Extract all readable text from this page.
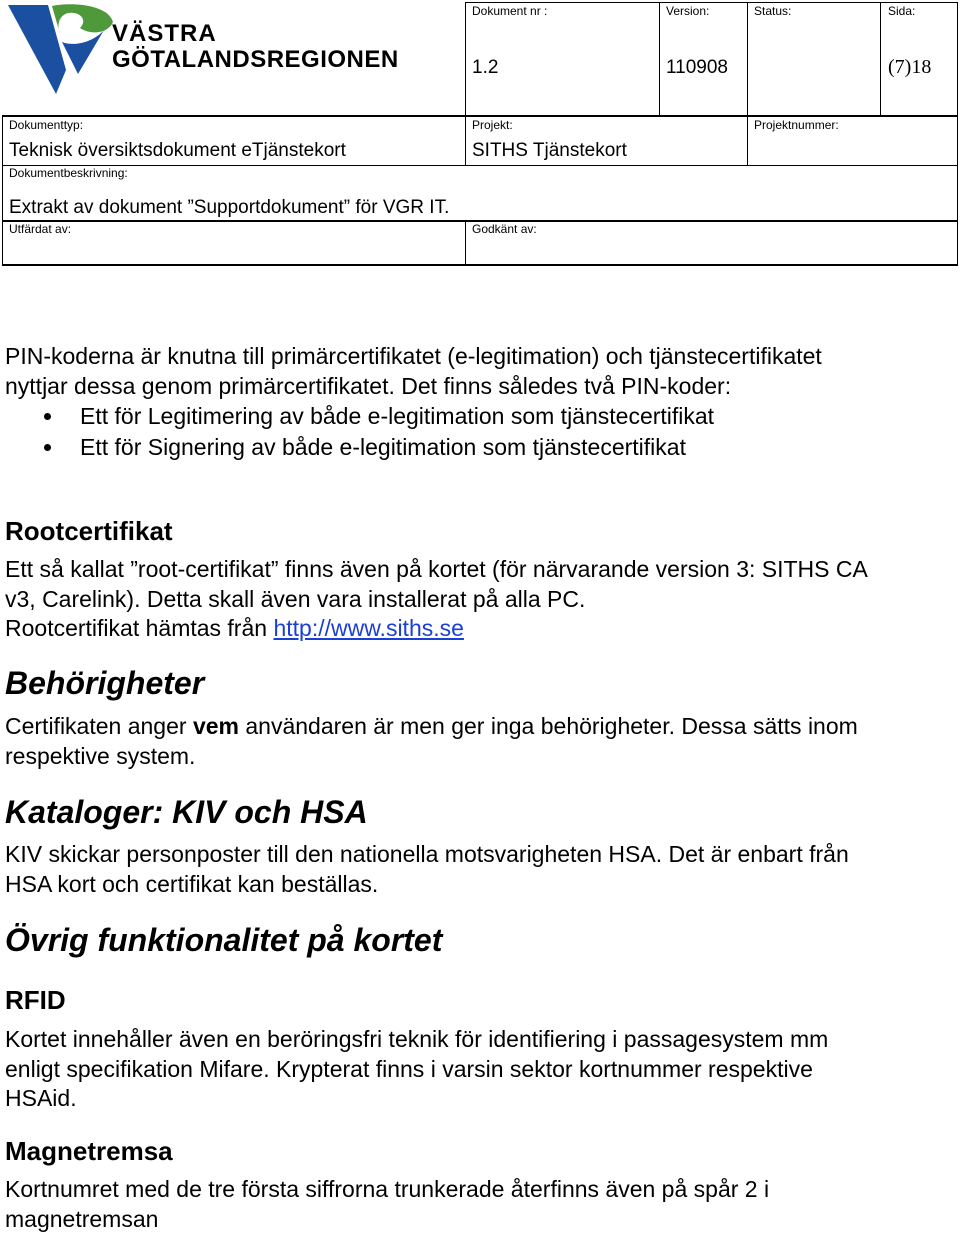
VÄSTRA
GÖTALANDSREGIONEN
Dokument nr :
1.2
Version:
110908
Status:	Sida:
(7)18
Dokumenttyp:
Teknisk översiktsdokument eTjänstekort
Projekt:
SITHS Tjänstekort
Projektnummer:
Dokumentbeskrivning:
Extrakt av dokument ”Supportdokument” för VGR IT.
Utfärdat av:	Godkänt av:
PIN-koderna är knutna till primärcertifikatet (e-legitimation) och tjänstecertifikatet
nyttjar dessa genom primärcertifikatet. Det finns således två PIN-koder:
Ett för Legitimering av både e-legitimation som tjänstecertifikat
Ett för Signering av både e-legitimation som tjänstecertifikat
Rootcertifikat
Ett så kallat ”root-certifikat” finns även på kortet (för närvarande version 3: SITHS CA
v3, Carelink). Detta skall även vara installerat på alla PC.
Rootcertifikat hämtas från http://www.siths.se
Behörigheter
Certifikaten anger vem användaren är men ger inga behörigheter. Dessa sätts inom
respektive system.
Kataloger: KIV och HSA
KIV skickar personposter till den nationella motsvarigheten HSA. Det är enbart från
HSA kort och certifikat kan beställas.
Övrig funktionalitet på kortet
RFID
Kortet innehåller även en beröringsfri teknik för identifiering i passagesystem mm
enligt specifikation Mifare. Krypterat finns i varsin sektor kortnummer respektive
HSAid.
Magnetremsa
Kortnumret med de tre första siffrorna trunkerade återfinns även på spår 2 i
magnetremsan
